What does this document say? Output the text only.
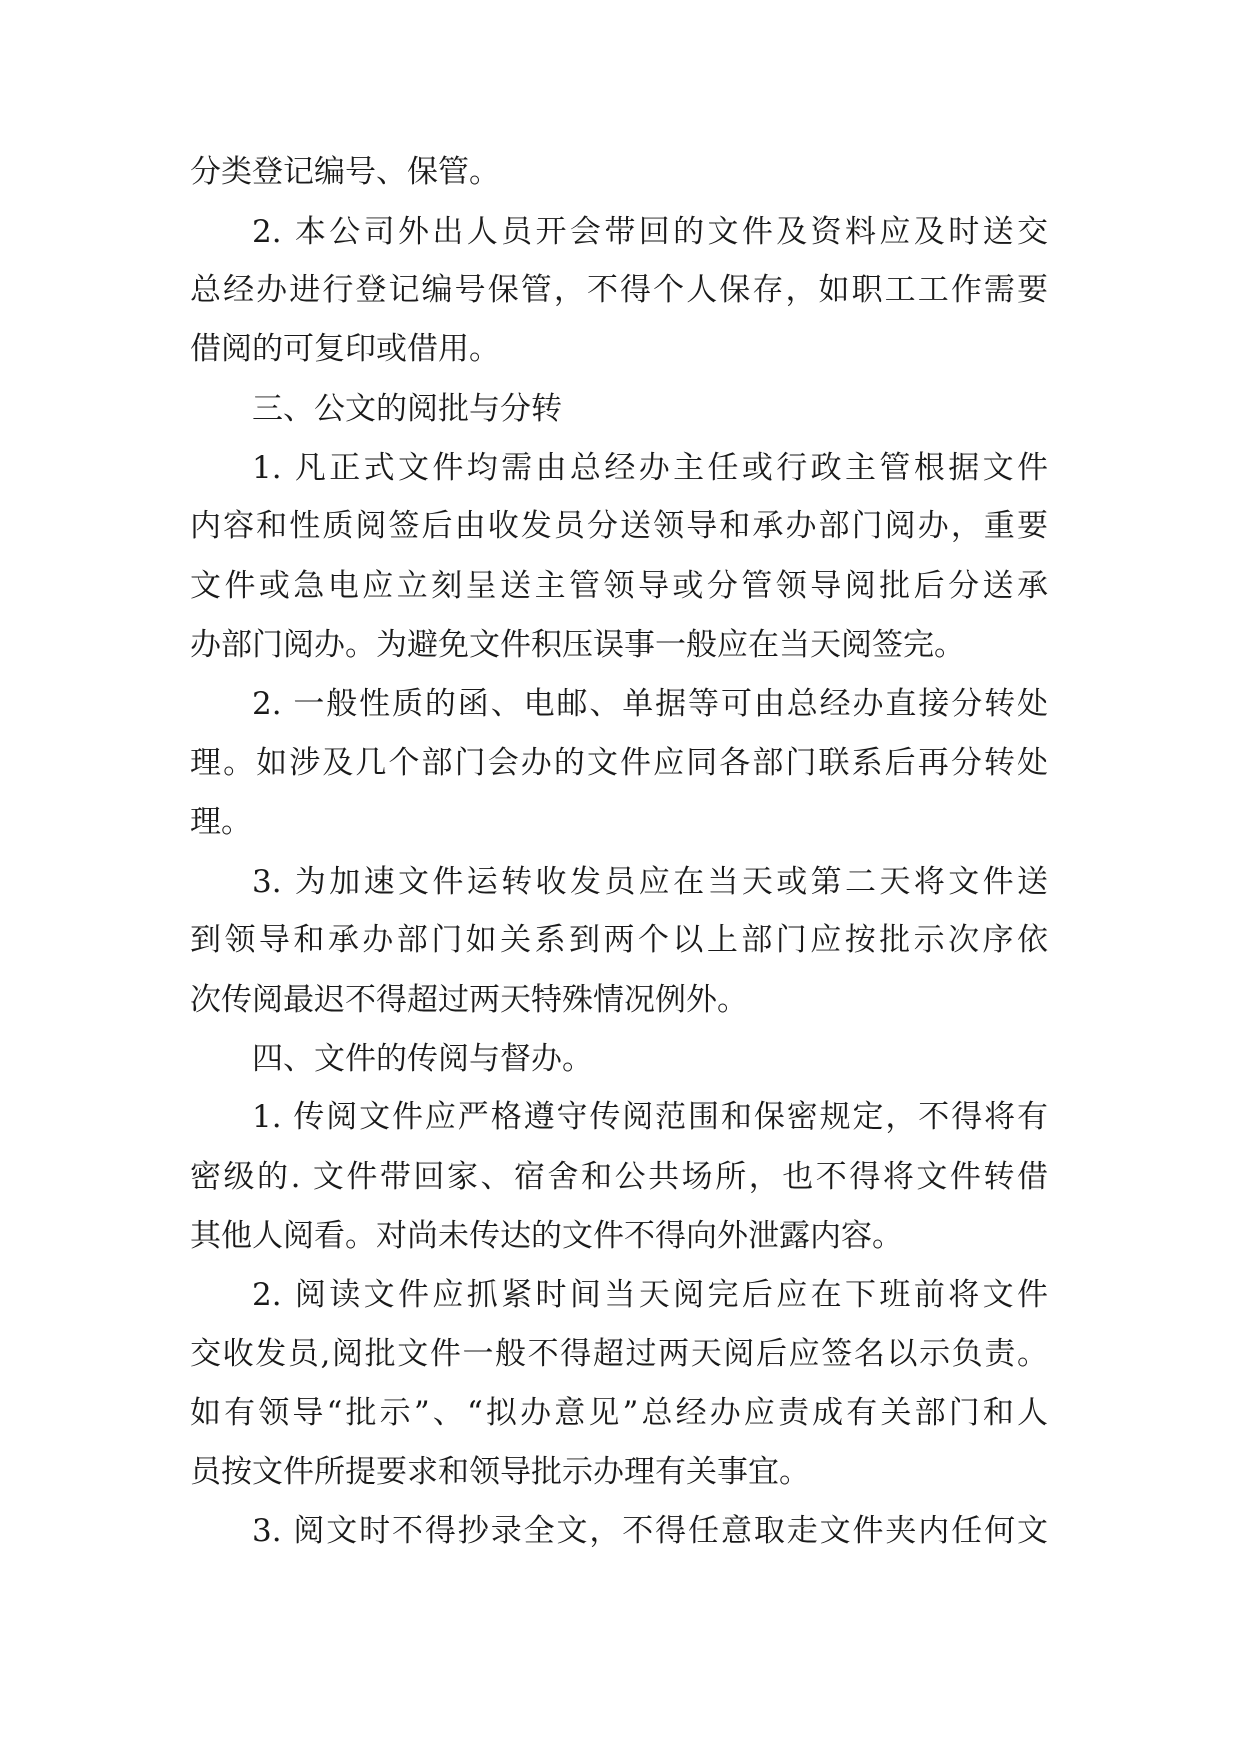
分类登记编号、保管。
2. 本公司外出人员开会带回的文件及资料应及时送交
总经办进行登记编号保管，不得个人保存，如职工工作需要
借阅的可复印或借用。
三、公文的阅批与分转
1. 凡正式文件均需由总经办主任或行政主管根据文件
内容和性质阅签后由收发员分送领导和承办部门阅办，重要
文件或急电应立刻呈送主管领导或分管领导阅批后分送承
办部门阅办。为避免文件积压误事一般应在当天阅签完。
2. 一般性质的函、电邮、单据等可由总经办直接分转处
理。如涉及几个部门会办的文件应同各部门联系后再分转处
理。
3. 为加速文件运转收发员应在当天或第二天将文件送
到领导和承办部门如关系到两个以上部门应按批示次序依
次传阅最迟不得超过两天特殊情况例外。
四、文件的传阅与督办。
1. 传阅文件应严格遵守传阅范围和保密规定，不得将有
密级的. 文件带回家、宿舍和公共场所，也不得将文件转借
其他人阅看。对尚未传达的文件不得向外泄露内容。
2. 阅读文件应抓紧时间当天阅完后应在下班前将文件
交收发员,阅批文件一般不得超过两天阅后应签名以示负责。
如有领导“批示”、“拟办意见”总经办应责成有关部门和人
员按文件所提要求和领导批示办理有关事宜。
3. 阅文时不得抄录全文，不得任意取走文件夹内任何文
